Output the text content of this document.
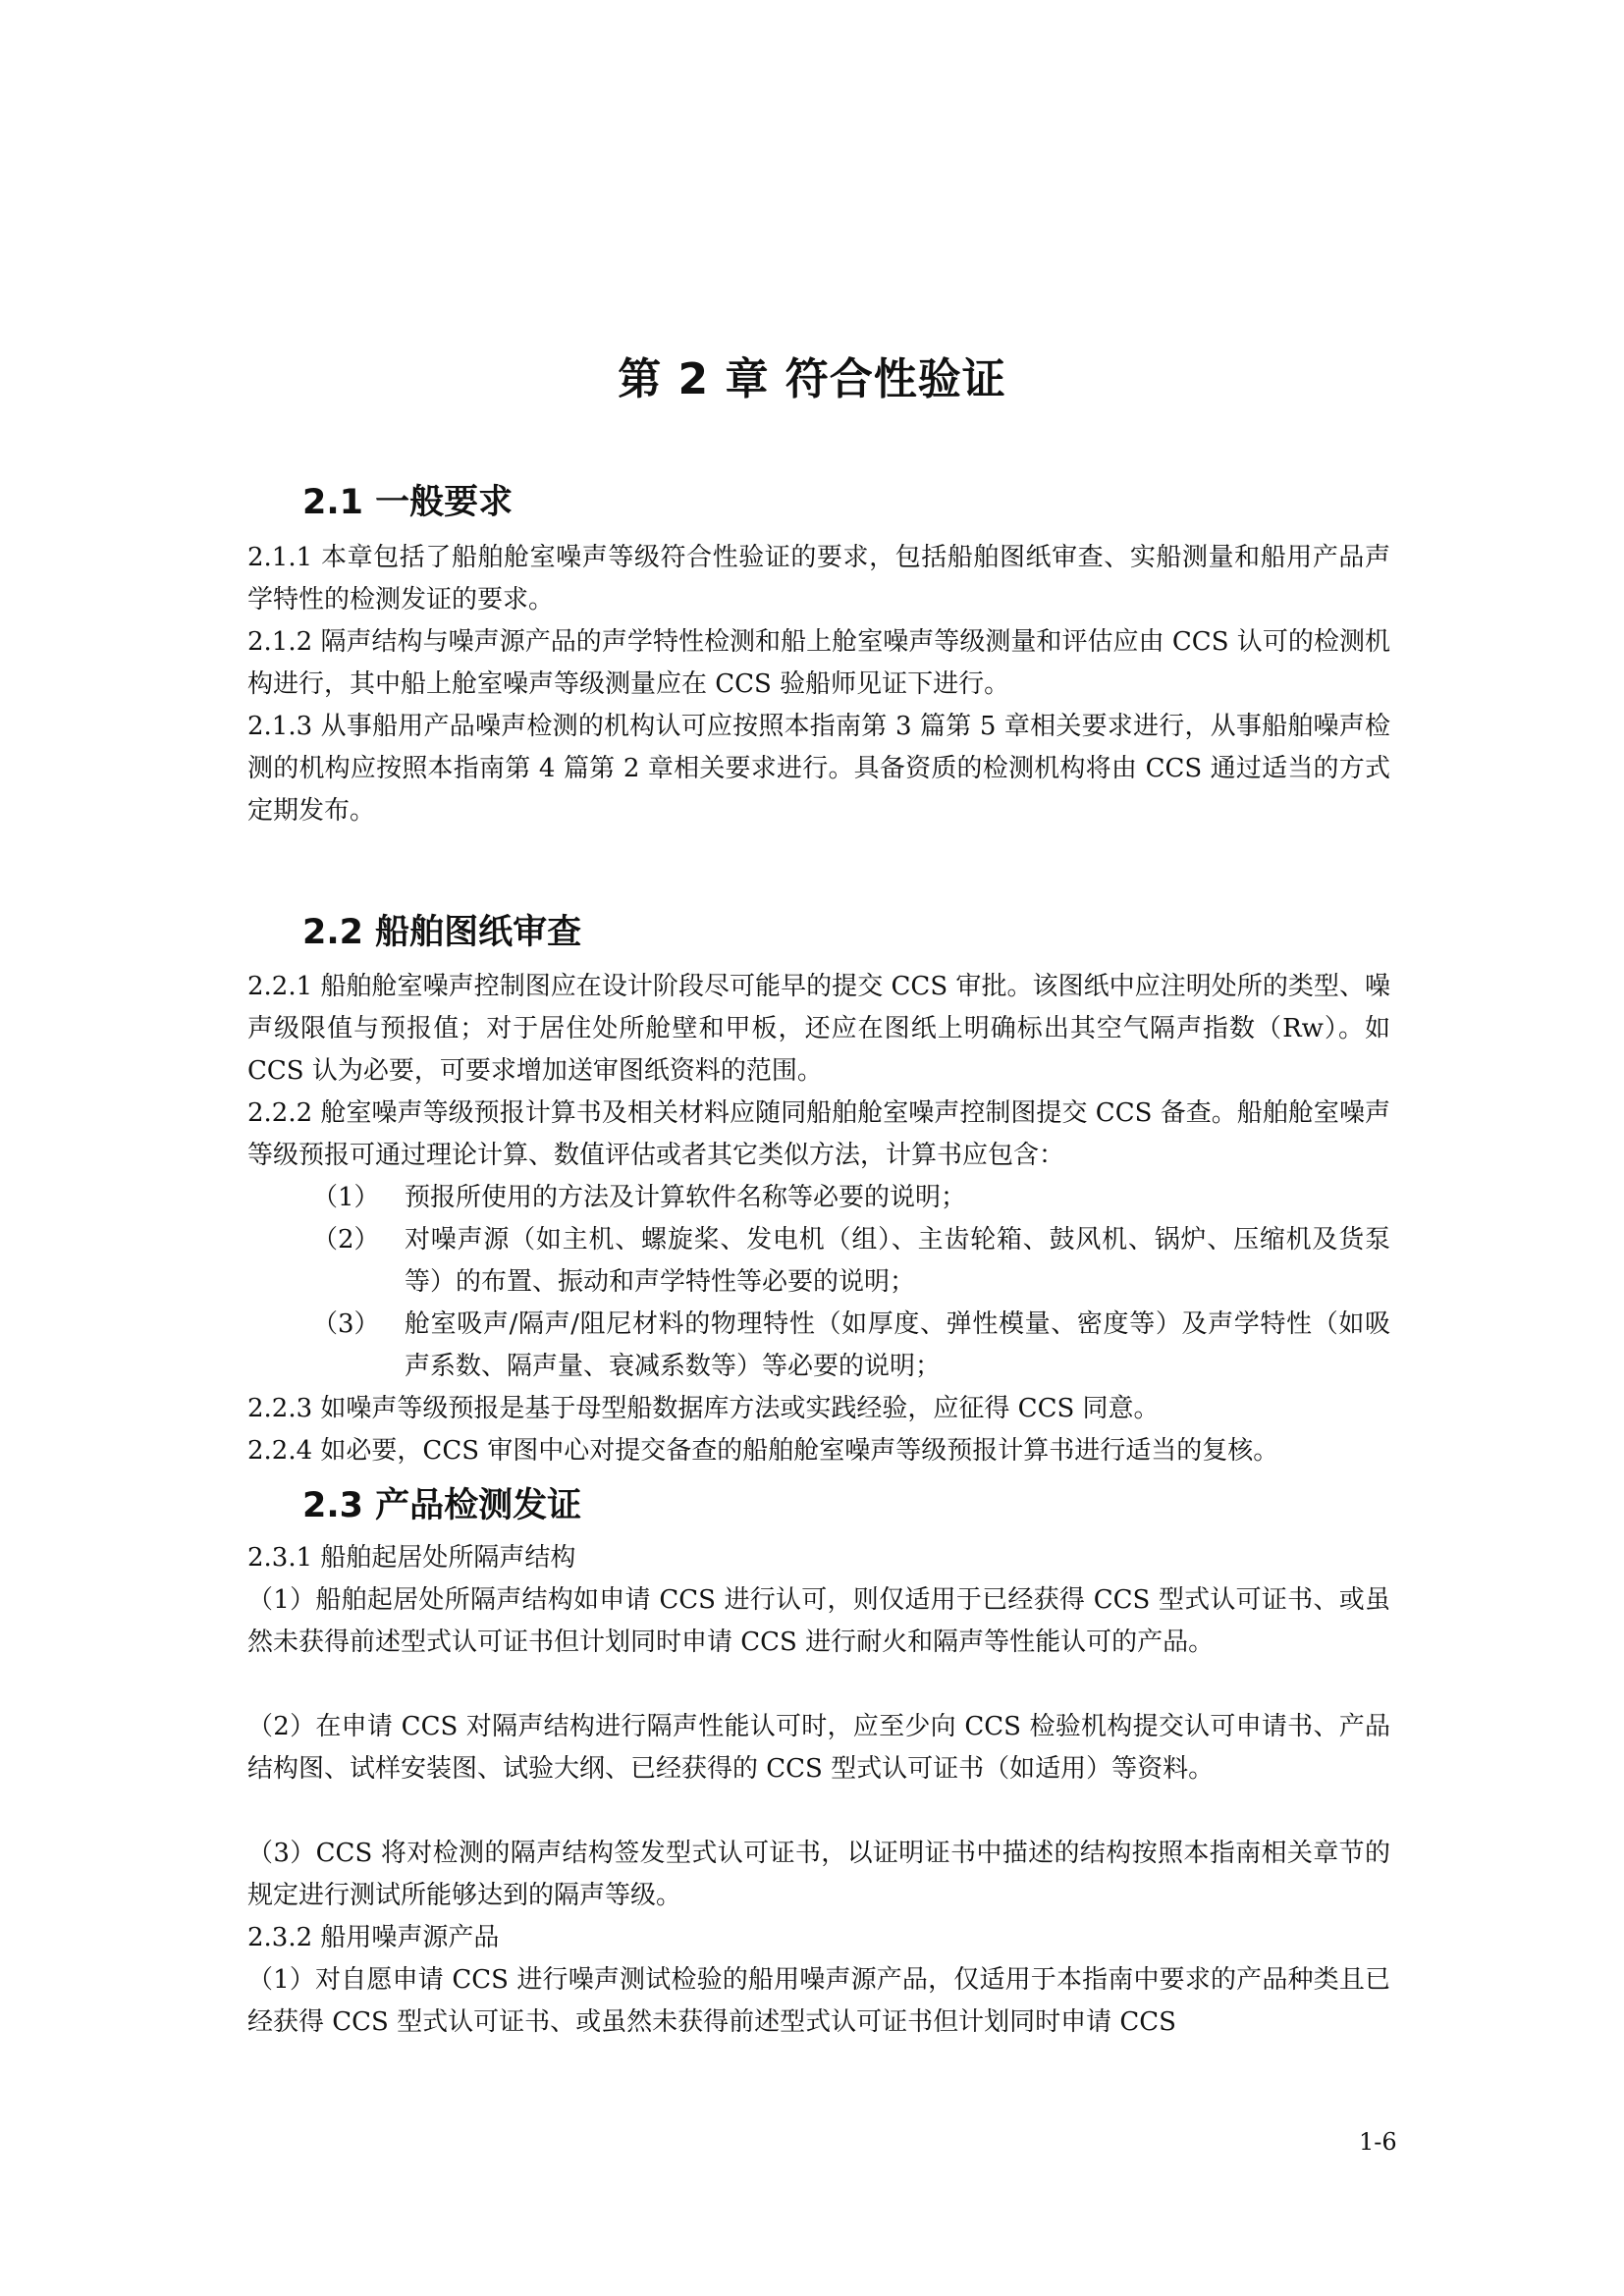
第 2 章 符合性验证
2.1 一般要求
2.1.1 本章包括了船舶舱室噪声等级符合性验证的要求，包括船舶图纸审查、实船测量和船用产品声学特性的检测发证的要求。
2.1.2 隔声结构与噪声源产品的声学特性检测和船上舱室噪声等级测量和评估应由 CCS 认可的检测机构进行，其中船上舱室噪声等级测量应在 CCS 验船师见证下进行。
2.1.3 从事船用产品噪声检测的机构认可应按照本指南第 3 篇第 5 章相关要求进行，从事船舶噪声检测的机构应按照本指南第 4 篇第 2 章相关要求进行。具备资质的检测机构将由 CCS 通过适当的方式定期发布。
2.2 船舶图纸审查
2.2.1 船舶舱室噪声控制图应在设计阶段尽可能早的提交 CCS 审批。该图纸中应注明处所的类型、噪声级限值与预报值；对于居住处所舱壁和甲板，还应在图纸上明确标出其空气隔声指数（Rw）。如 CCS 认为必要，可要求增加送审图纸资料的范围。
2.2.2 舱室噪声等级预报计算书及相关材料应随同船舶舱室噪声控制图提交 CCS 备查。船舶舱室噪声等级预报可通过理论计算、数值评估或者其它类似方法，计算书应包含：
（1） 预报所使用的方法及计算软件名称等必要的说明；
（2） 对噪声源（如主机、螺旋桨、发电机（组）、主齿轮箱、鼓风机、锅炉、压缩机及货泵等）的布置、振动和声学特性等必要的说明；
（3） 舱室吸声/隔声/阻尼材料的物理特性（如厚度、弹性模量、密度等）及声学特性（如吸声系数、隔声量、衰减系数等）等必要的说明；
2.2.3 如噪声等级预报是基于母型船数据库方法或实践经验，应征得 CCS 同意。
2.2.4 如必要，CCS 审图中心对提交备查的船舶舱室噪声等级预报计算书进行适当的复核。
2.3 产品检测发证
2.3.1 船舶起居处所隔声结构
（1）船舶起居处所隔声结构如申请 CCS 进行认可，则仅适用于已经获得 CCS 型式认可证书、或虽然未获得前述型式认可证书但计划同时申请 CCS 进行耐火和隔声等性能认可的产品。
（2）在申请 CCS 对隔声结构进行隔声性能认可时，应至少向 CCS 检验机构提交认可申请书、产品结构图、试样安装图、试验大纲、已经获得的 CCS 型式认可证书（如适用）等资料。
（3）CCS 将对检测的隔声结构签发型式认可证书，以证明证书中描述的结构按照本指南相关章节的规定进行测试所能够达到的隔声等级。
2.3.2 船用噪声源产品
（1）对自愿申请 CCS 进行噪声测试检验的船用噪声源产品，仅适用于本指南中要求的产品种类且已经获得 CCS 型式认可证书、或虽然未获得前述型式认可证书但计划同时申请 CCS
1-6
